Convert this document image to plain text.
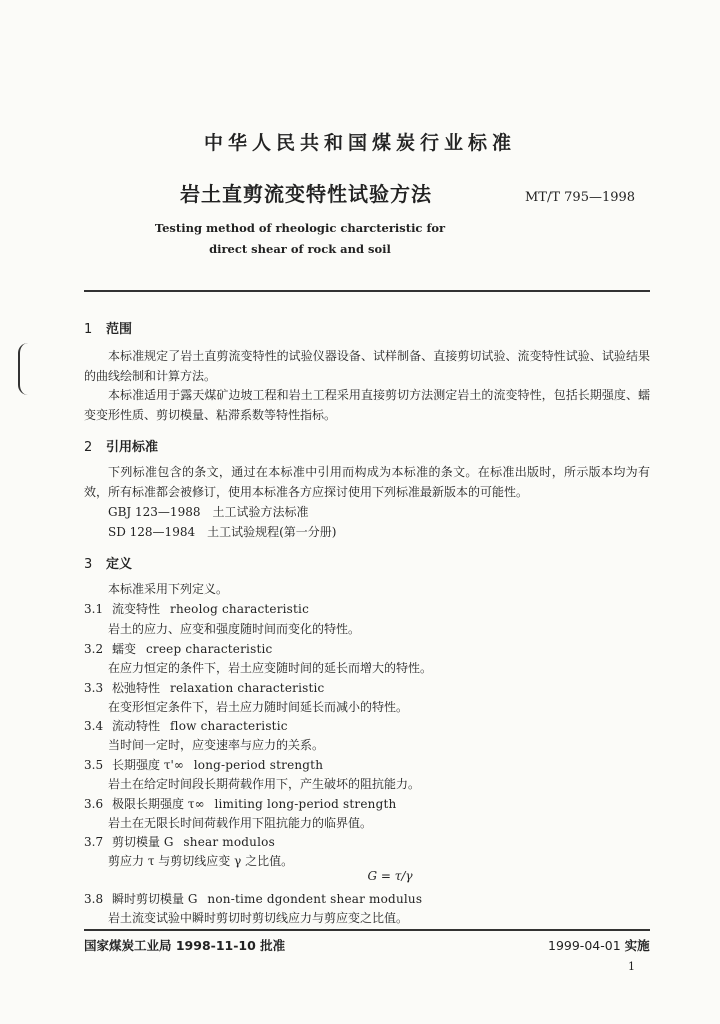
中华人民共和国煤炭行业标准
岩土直剪流变特性试验方法	MT/T 795—1998
Testing method of rheologic charcteristic for
direct shear of rock and soil
1 范围
本标准规定了岩土直剪流变特性的试验仪器设备、试样制备、直接剪切试验、流变特性试验、试验结果的曲线绘制和计算方法。
本标准适用于露天煤矿边坡工程和岩土工程采用直接剪切方法测定岩土的流变特性，包括长期强度、蠕变变形性质、剪切模量、粘滞系数等特性指标。
2 引用标准
下列标准包含的条文，通过在本标准中引用而构成为本标准的条文。在标准出版时，所示版本均为有效，所有标准都会被修订，使用本标准各方应探讨使用下列标准最新版本的可能性。
GBJ 123—1988　土工试验方法标准
SD 128—1984　土工试验规程(第一分册)
3 定义
本标准采用下列定义。
3.1 流变特性 rheolog characteristic
岩土的应力、应变和强度随时间而变化的特性。
3.2 蠕变 creep characteristic
在应力恒定的条件下，岩土应变随时间的延长而增大的特性。
3.3 松弛特性 relaxation characteristic
在变形恒定条件下，岩土应力随时间延长而减小的特性。
3.4 流动特性 flow characteristic
当时间一定时，应变速率与应力的关系。
3.5 长期强度 τ'∞ long-period strength
岩土在给定时间段长期荷载作用下，产生破坏的阻抗能力。
3.6 极限长期强度 τ∞ limiting long-period strength
岩土在无限长时间荷载作用下阻抗能力的临界值。
3.7 剪切模量 G shear modulos
剪应力 τ 与剪切线应变 γ 之比值。
G = τ/γ
3.8 瞬时剪切模量 G non-time dgondent shear modulus
岩土流变试验中瞬时剪切时剪切线应力与剪应变之比值。
国家煤炭工业局 1998-11-10 批准	1999-04-01 实施
1
